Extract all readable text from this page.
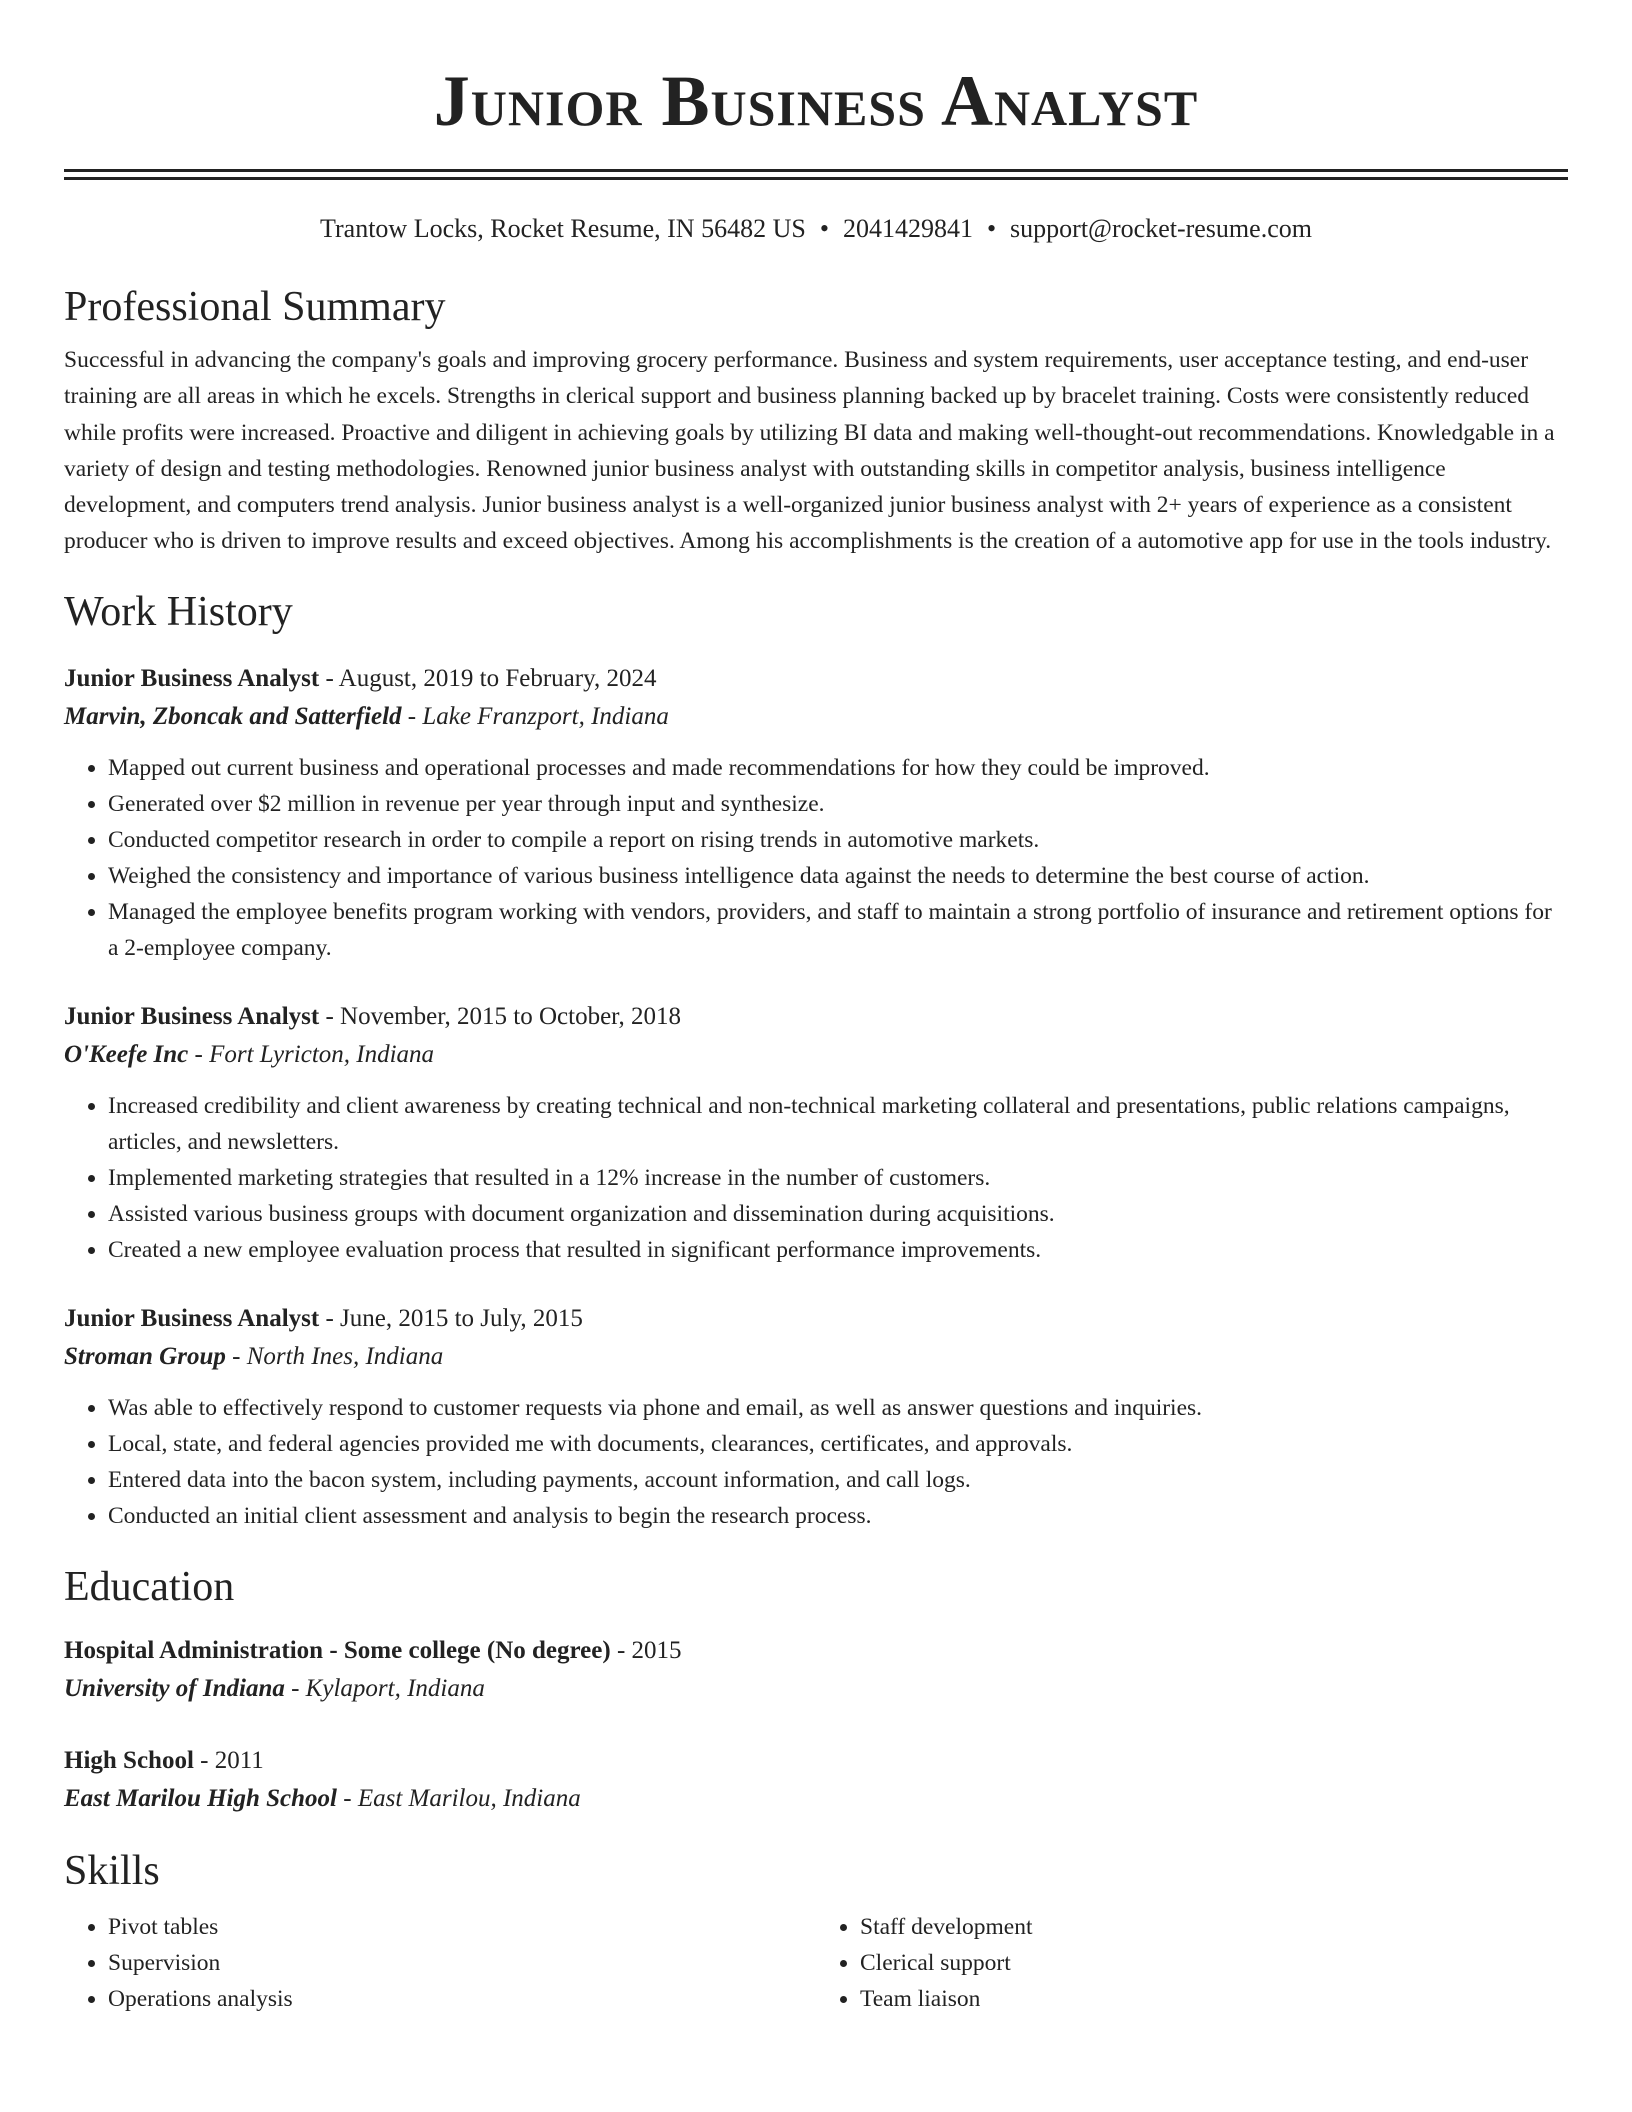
Junior Business Analyst
Trantow Locks, Rocket Resume, IN 56482 US • 2041429841 • support@rocket-resume.com
Professional Summary

Successful in advancing the company's goals and improving grocery performance. Business and system requirements, user acceptance testing, and end-user training are all areas in which he excels. Strengths in clerical support and business planning backed up by bracelet training. Costs were consistently reduced while profits were increased. Proactive and diligent in achieving goals by utilizing BI data and making well-thought-out recommendations. Knowledgable in a variety of design and testing methodologies. Renowned junior business analyst with outstanding skills in competitor analysis, business intelligence development, and computers trend analysis. Junior business analyst is a well-organized junior business analyst with 2+ years of experience as a consistent producer who is driven to improve results and exceed objectives. Among his accomplishments is the creation of a automotive app for use in the tools industry.

Work History
Junior Business Analyst - August, 2019 to February, 2024
Marvin, Zboncak and Satterfield - Lake Franzport, Indiana
• Mapped out current business and operational processes and made recommendations for how they could be improved.
• Generated over $2 million in revenue per year through input and synthesize.
• Conducted competitor research in order to compile a report on rising trends in automotive markets.
• Weighed the consistency and importance of various business intelligence data against the needs to determine the best course of action.
• Managed the employee benefits program working with vendors, providers, and staff to maintain a strong portfolio of insurance and retirement options for a 2-employee company.
Junior Business Analyst - November, 2015 to October, 2018
O'Keefe Inc - Fort Lyricton, Indiana
• Increased credibility and client awareness by creating technical and non-technical marketing collateral and presentations, public relations campaigns, articles, and newsletters.
• Implemented marketing strategies that resulted in a 12% increase in the number of customers.
• Assisted various business groups with document organization and dissemination during acquisitions.
• Created a new employee evaluation process that resulted in significant performance improvements.
Junior Business Analyst - June, 2015 to July, 2015
Stroman Group - North Ines, Indiana
• Was able to effectively respond to customer requests via phone and email, as well as answer questions and inquiries.
• Local, state, and federal agencies provided me with documents, clearances, certificates, and approvals.
• Entered data into the bacon system, including payments, account information, and call logs.
• Conducted an initial client assessment and analysis to begin the research process.
Education
Hospital Administration - Some college (No degree) - 2015
University of Indiana - Kylaport, Indiana
High School - 2011
East Marilou High School - East Marilou, Indiana
Skills
• Pivot tables
• Supervision
• Operations analysis
• Staff development
• Clerical support
• Team liaison
